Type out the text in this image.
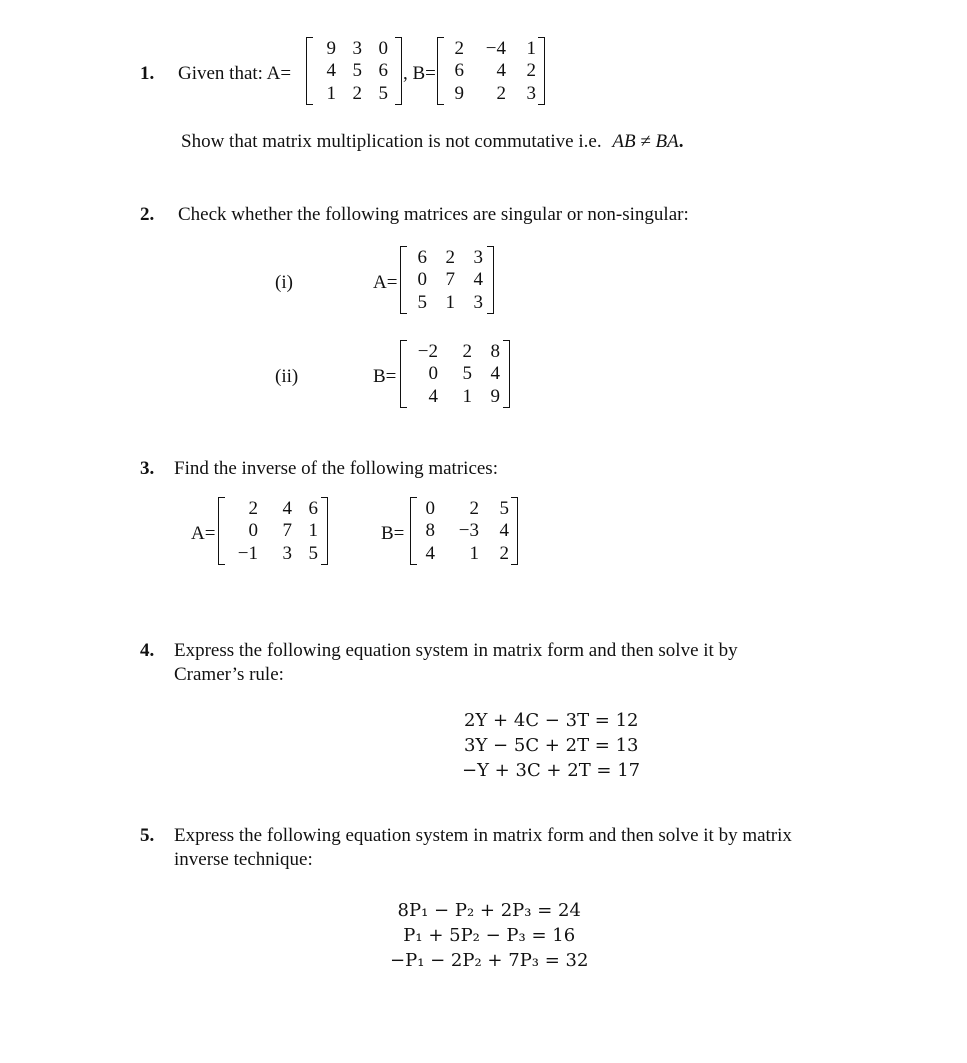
1. Given that: A=
9 3 0
4 5 6
1 2 5
, B=
2 −4 1
6 4 2
9 2 3
Show that matrix multiplication is not commutative i.e. AB ≠ BA.
2. Check whether the following matrices are singular or non-singular:
(i)	A=
6 2 3
0 7 4
5 1 3
(ii)	B=
−2 2 8
0 5 4
4 1 9
3. Find the inverse of the following matrices:
A=
2 4 6
0 7 1
−1 3 5
B=
0 2 5
8 −3 4
4 1 2
4. Express the following equation system in matrix form and then solve it by
Cramer’s rule:
2Y + 4C − 3T = 12
3Y − 5C + 2T = 13
−Y + 3C + 2T = 17
5. Express the following equation system in matrix form and then solve it by matrix
inverse technique:
8P₁ − P₂ + 2P₃ = 24
P₁ + 5P₂ − P₃ = 16
−P₁ − 2P₂ + 7P₃ = 32
